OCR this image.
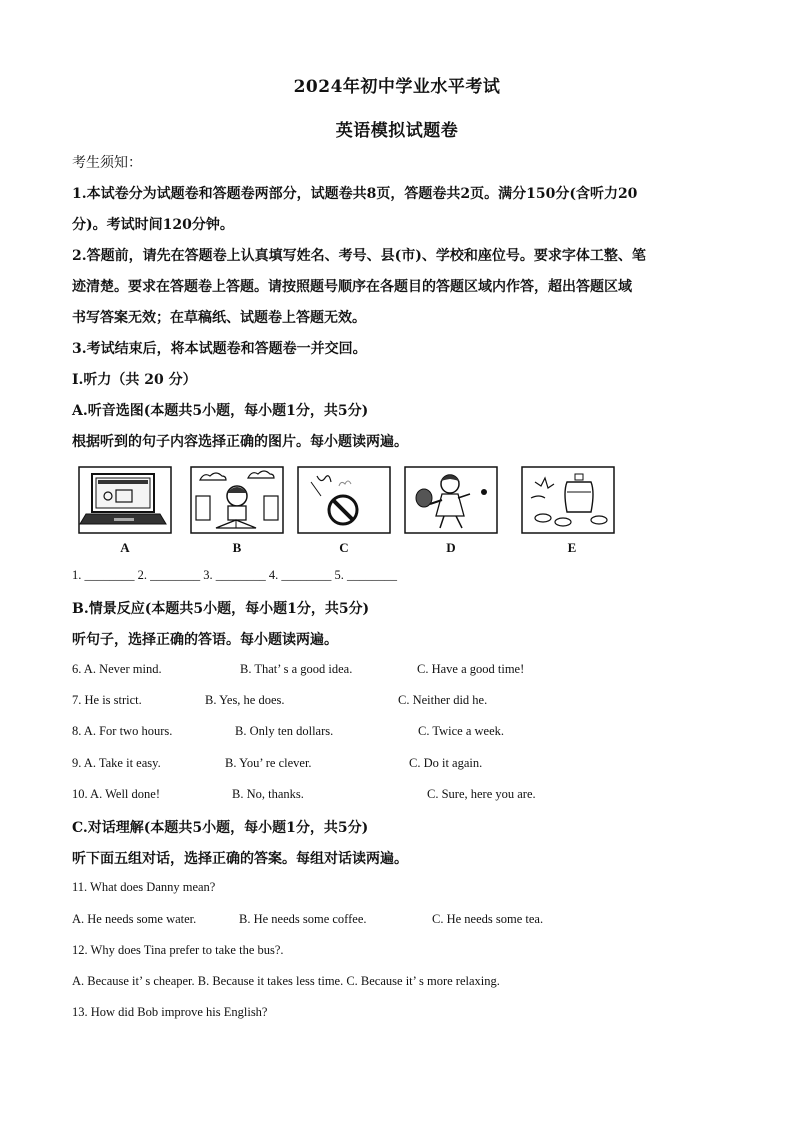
2024年初中学业水平考试
英语模拟试题卷
考生须知：
1.本试卷分为试题卷和答题卷两部分，试题卷共8页，答题卷共2页。满分150分(含听力20
分)。考试时间120分钟。
2.答题前，请先在答题卷上认真填写姓名、考号、县(市)、学校和座位号。要求字体工整、笔
迹清楚。要求在答题卷上答题。请按照题号顺序在各题目的答题区域内作答，超出答题区域
书写答案无效；在草稿纸、试题卷上答题无效。
3.考试结束后，将本试题卷和答题卷一并交回。
Ⅰ.听力（共 20 分）
A.听音选图(本题共5小题，每小题1分，共5分)
根据听到的句子内容选择正确的图片。每小题读两遍。
A	B	C	D	E
1. ________ 2. ________ 3. ________ 4. ________ 5. ________
B.情景反应(本题共5小题，每小题1分，共5分)
听句子，选择正确的答语。每小题读两遍。
6. A. Never mind.	B. That’ s a good idea.	C. Have a good time!
7. He is strict.	B. Yes, he does.	C. Neither did he.
8. A. For two hours.	B. Only ten dollars.	C. Twice a week.
9. A. Take it easy.	B. You’ re clever.	C. Do it again.
10. A. Well done!	B. No, thanks.	C. Sure, here you are.
C.对话理解(本题共5小题，每小题1分，共5分)
听下面五组对话，选择正确的答案。每组对话读两遍。
11. What does Danny mean?
A. He needs some water.	B. He needs some coffee.	C. He needs some tea.
12. Why does Tina prefer to take the bus?.
A. Because it’ s cheaper. B. Because it takes less time. C. Because it’ s more relaxing.
13. How did Bob improve his English?
